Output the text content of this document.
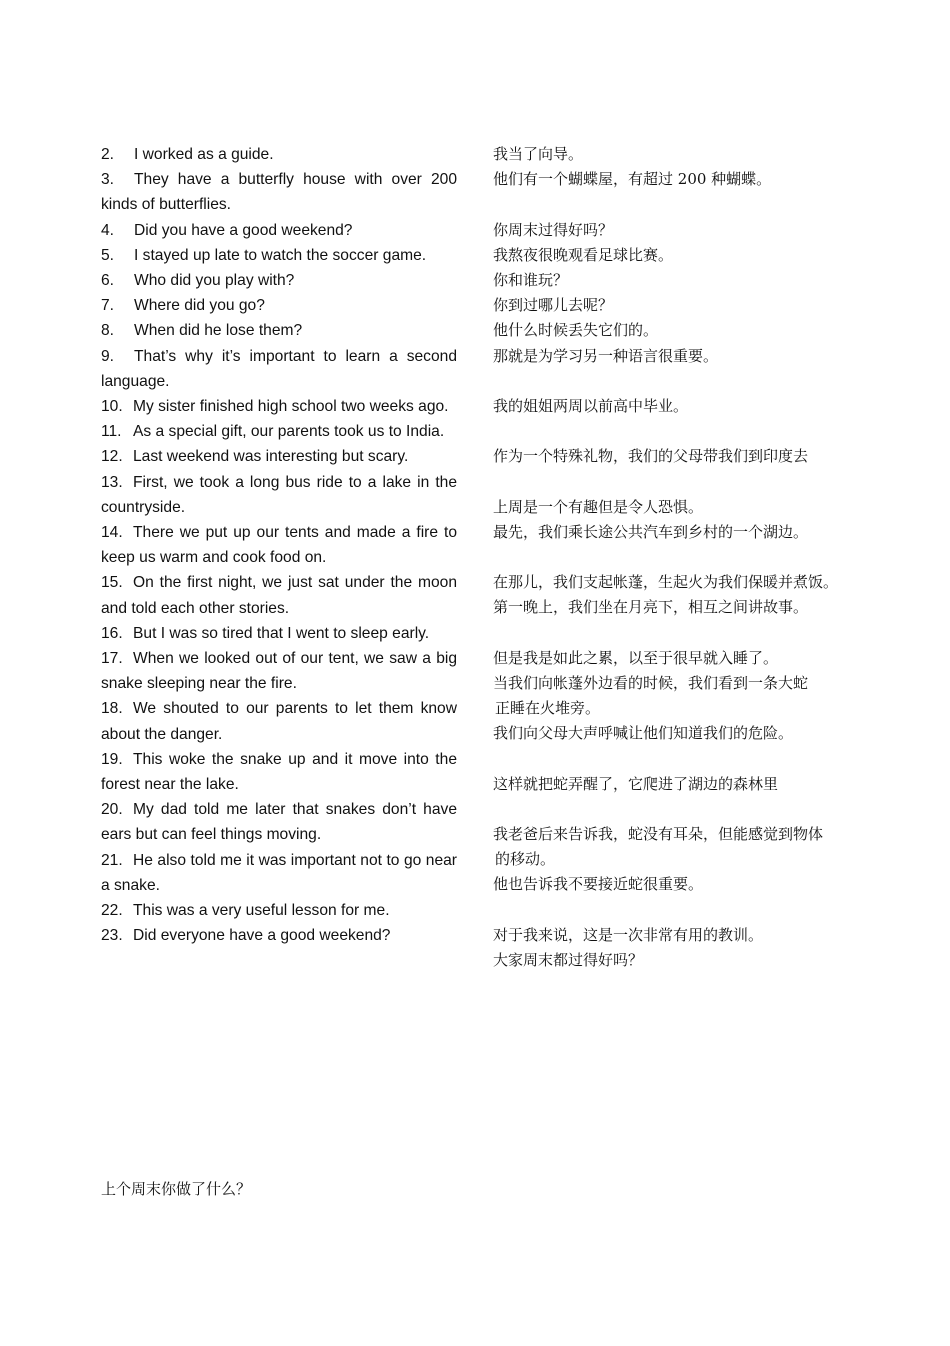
2. I worked as a guide.

3. They have a butterfly house with over 200 kinds of butterflies.

4. Did you have a good weekend?

5. I stayed up late to watch the soccer game.

6. Who did you play with?

7. Where did you go?

8. When did he lose them?

9. That’s why it’s important to learn a second language.

10. My sister finished high school two weeks ago.

11. As a special gift, our parents took us to India.

12. Last weekend was interesting but scary.

13. First, we took a long bus ride to a lake in the countryside.

14. There we put up our tents and made a fire to keep us warm and cook food on.

15. On the first night, we just sat under the moon and told each other stories.

16. But I was so tired that I went to sleep early.

17. When we looked out of our tent, we saw a big snake sleeping near the fire.

18. We shouted to our parents to let them know about the danger.

19. This woke the snake up and it move into the forest near the lake.

20. My dad told me later that snakes don’t have ears but can feel things moving.

21. He also told me it was important not to go near a snake.

22. This was a very useful lesson for me.

23. Did everyone have a good weekend?

我当了向导。
他们有一个蝴蝶屋，有超过 200 种蝴蝶。
你周末过得好吗？
我熬夜很晚观看足球比赛。
你和谁玩？
你到过哪儿去呢？
他什么时候丢失它们的。
那就是为学习另一种语言很重要。
我的姐姐两周以前高中毕业。
作为一个特殊礼物，我们的父母带我们到印度去
上周是一个有趣但是令人恐惧。
最先，我们乘长途公共汽车到乡村的一个湖边。
在那儿，我们支起帐蓬，生起火为我们保暖并煮饭。
第一晚上，我们坐在月亮下，相互之间讲故事。
但是我是如此之累，以至于很早就入睡了。
当我们向帐蓬外边看的时候，我们看到一条大蛇
正睡在火堆旁。
我们向父母大声呼喊让他们知道我们的危险。
这样就把蛇弄醒了，它爬进了湖边的森林里
我老爸后来告诉我，蛇没有耳朵，但能感觉到物体
的移动。
他也告诉我不要接近蛇很重要。
对于我来说，这是一次非常有用的教训。
大家周末都过得好吗？
上个周末你做了什么？
